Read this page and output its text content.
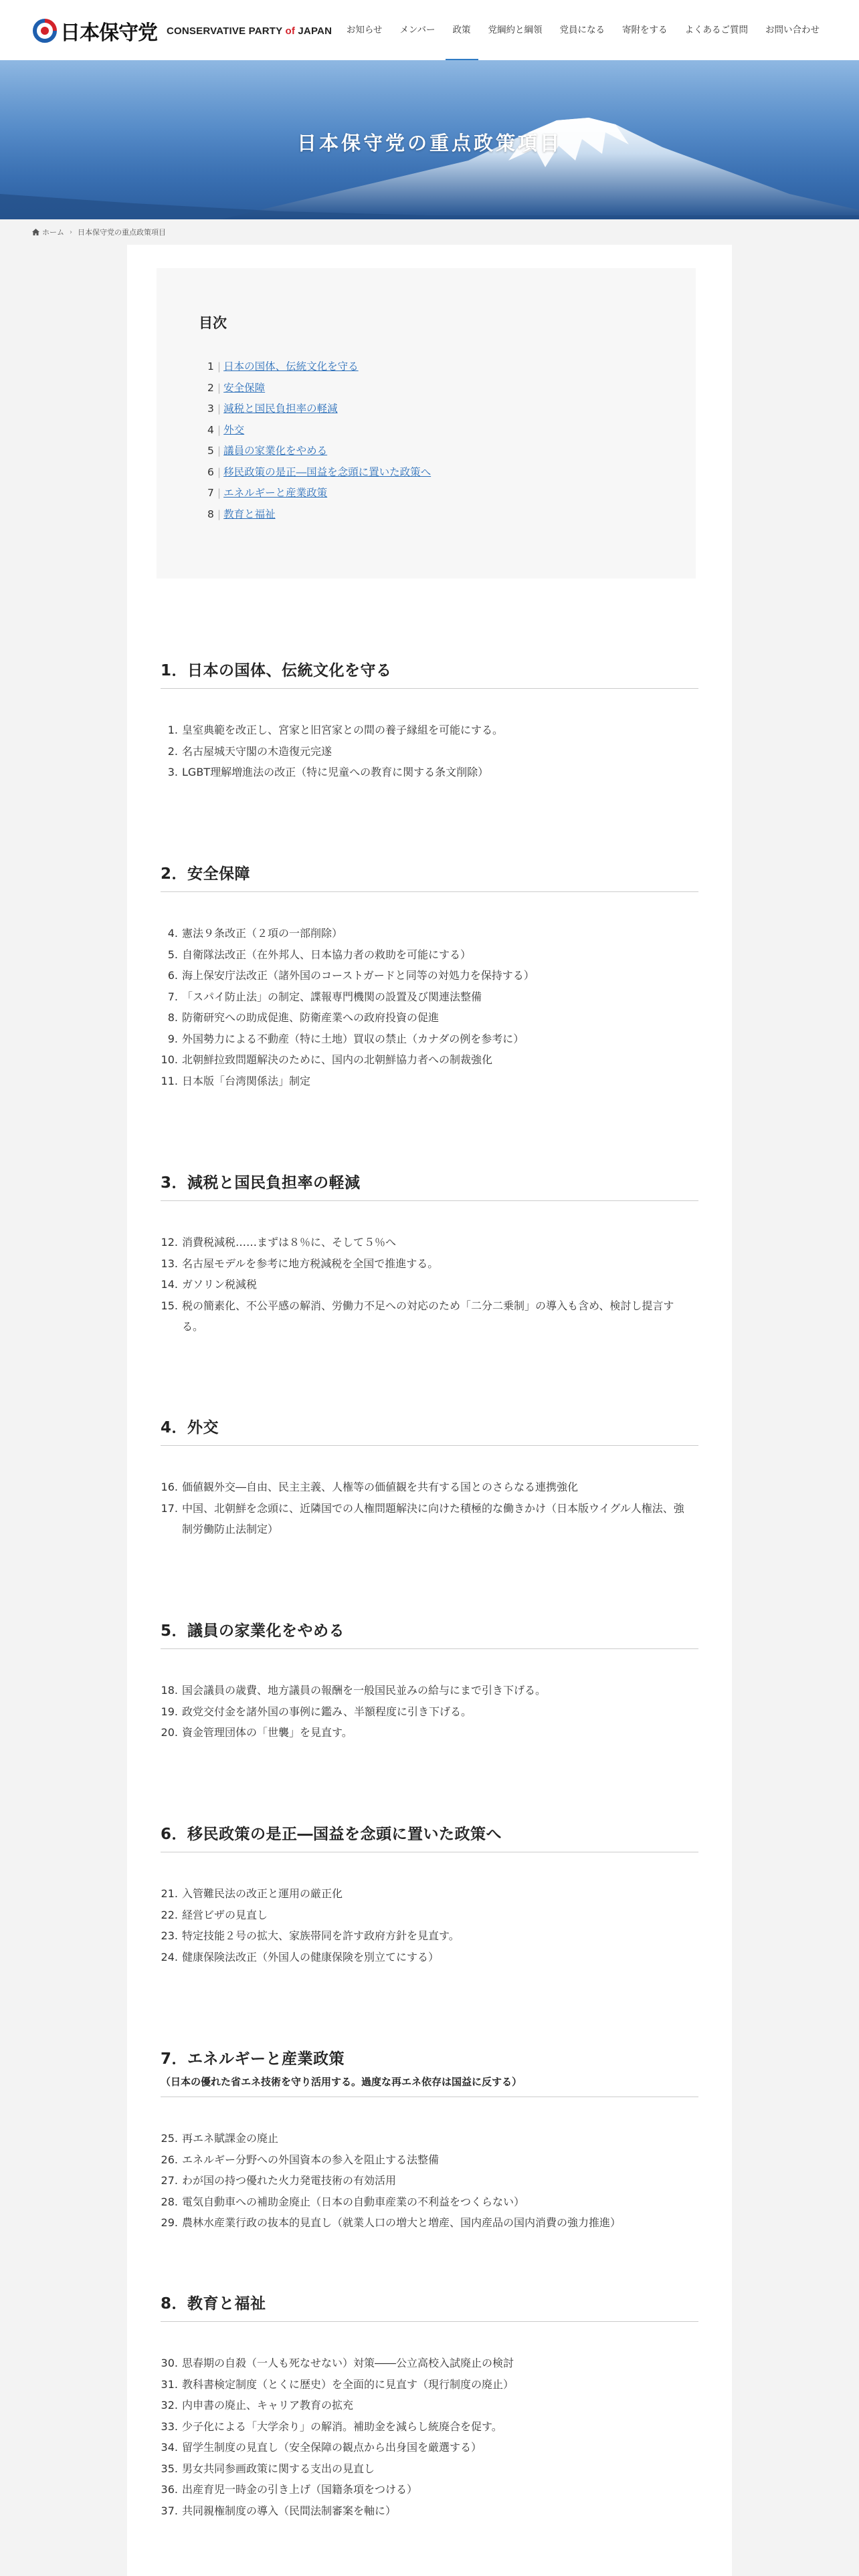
日本保守党 CONSERVATIVE PARTY of JAPAN	お知らせ	メンバー	政策	党綱約と綱領	党員になる	寄附をする	よくあるご質問	お問い合わせ
日本保守党の重点政策項目
ホーム › 日本保守党の重点政策項目
目次
1 | 日本の国体、伝統文化を守る
2 | 安全保障
3 | 減税と国民負担率の軽減
4 | 外交
5 | 議員の家業化をやめる
6 | 移民政策の是正―国益を念頭に置いた政策へ
7 | エネルギーと産業政策
8 | 教育と福祉
1．日本の国体、伝統文化を守る
1. 皇室典範を改正し、宮家と旧宮家との間の養子縁組を可能にする。
2. 名古屋城天守閣の木造復元完遂
3. LGBT理解増進法の改正（特に児童への教育に関する条文削除）
2．安全保障
4. 憲法９条改正（２項の一部削除）
5. 自衛隊法改正（在外邦人、日本協力者の救助を可能にする）
6. 海上保安庁法改正（諸外国のコーストガードと同等の対処力を保持する）
7. 「スパイ防止法」の制定、諜報専門機関の設置及び関連法整備
8. 防衛研究への助成促進、防衛産業への政府投資の促進
9. 外国勢力による不動産（特に土地）買収の禁止（カナダの例を参考に）
10. 北朝鮮拉致問題解決のために、国内の北朝鮮協力者への制裁強化
11. 日本版「台湾関係法」制定
3．減税と国民負担率の軽減
12. 消費税減税……まずは８％に、そして５％へ
13. 名古屋モデルを参考に地方税減税を全国で推進する。
14. ガソリン税減税
15. 税の簡素化、不公平感の解消、労働力不足への対応のため「二分二乗制」の導入も含め、検討し提言する。
4．外交
16. 価値観外交―自由、民主主義、人権等の価値観を共有する国とのさらなる連携強化
17. 中国、北朝鮮を念頭に、近隣国での人権問題解決に向けた積極的な働きかけ（日本版ウイグル人権法、強制労働防止法制定）
5．議員の家業化をやめる
18. 国会議員の歳費、地方議員の報酬を一般国民並みの給与にまで引き下げる。
19. 政党交付金を諸外国の事例に鑑み、半額程度に引き下げる。
20. 資金管理団体の「世襲」を見直す。
6．移民政策の是正―国益を念頭に置いた政策へ
21. 入管難民法の改正と運用の厳正化
22. 経営ビザの見直し
23. 特定技能２号の拡大、家族帯同を許す政府方針を見直す。
24. 健康保険法改正（外国人の健康保険を別立てにする）
7．エネルギーと産業政策
（日本の優れた省エネ技術を守り活用する。過度な再エネ依存は国益に反する）
25. 再エネ賦課金の廃止
26. エネルギー分野への外国資本の参入を阻止する法整備
27. わが国の持つ優れた火力発電技術の有効活用
28. 電気自動車への補助金廃止（日本の自動車産業の不利益をつくらない）
29. 農林水産業行政の抜本的見直し（就業人口の増大と増産、国内産品の国内消費の強力推進）
8．教育と福祉
30. 思春期の自殺（一人も死なせない）対策――公立高校入試廃止の検討
31. 教科書検定制度（とくに歴史）を全面的に見直す（現行制度の廃止）
32. 内申書の廃止、キャリア教育の拡充
33. 少子化による「大学余り」の解消。補助金を減らし統廃合を促す。
34. 留学生制度の見直し（安全保障の観点から出身国を厳選する）
35. 男女共同参画政策に関する支出の見直し
36. 出産育児一時金の引き上げ（国籍条項をつける）
37. 共同親権制度の導入（民間法制審案を軸に）
